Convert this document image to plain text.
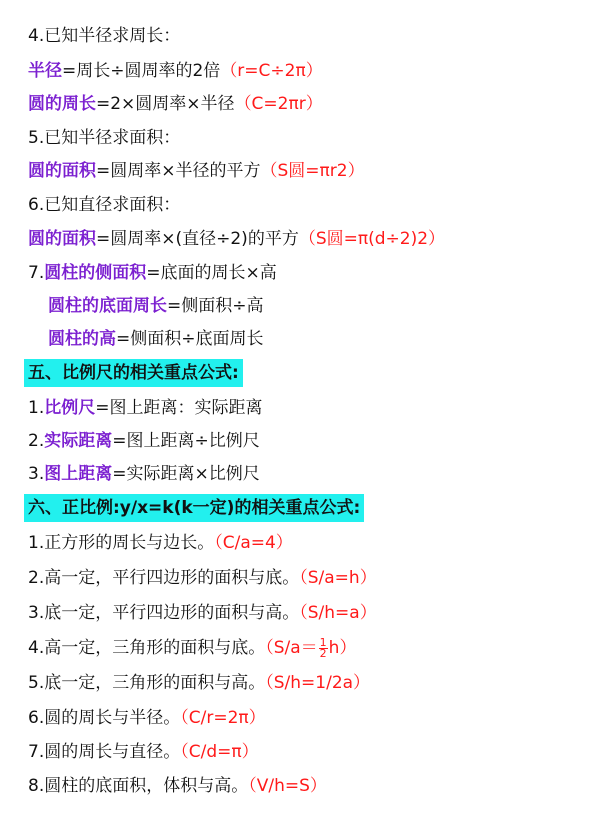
4.已知半径求周长：
半径=周长÷圆周率的2倍（r=C÷2π）
圆的周长=2×圆周率×半径（C=2πr）
5.已知半径求面积：
圆的面积=圆周率×半径的平方（S圆=πr2）
6.已知直径求面积：
圆的面积=圆周率×(直径÷2)的平方（S圆=π(d÷2)2）
7.圆柱的侧面积=底面的周长×高
圆柱的底面周长=侧面积÷高
圆柱的高=侧面积÷底面周长
五、比例尺的相关重点公式:
1.比例尺=图上距离：实际距离
2.实际距离=图上距离÷比例尺
3.图上距离=实际距离×比例尺
六、正比例:y/x=k(k一定)的相关重点公式:
1.正方形的周长与边长。（C/a=4）
2.高一定，平行四边形的面积与底。（S/a=h）
3.底一定，平行四边形的面积与高。（S/h=a）
4.高一定，三角形的面积与底。$(S/a= \frac{1}{2} h)$
5.底一定，三角形的面积与高。（S/h=1/2a）
6.圆的周长与半径。（C/r=2π）
7.圆的周长与直径。（C/d=π）
8.圆柱的底面积，体积与高。（V/h=S）
